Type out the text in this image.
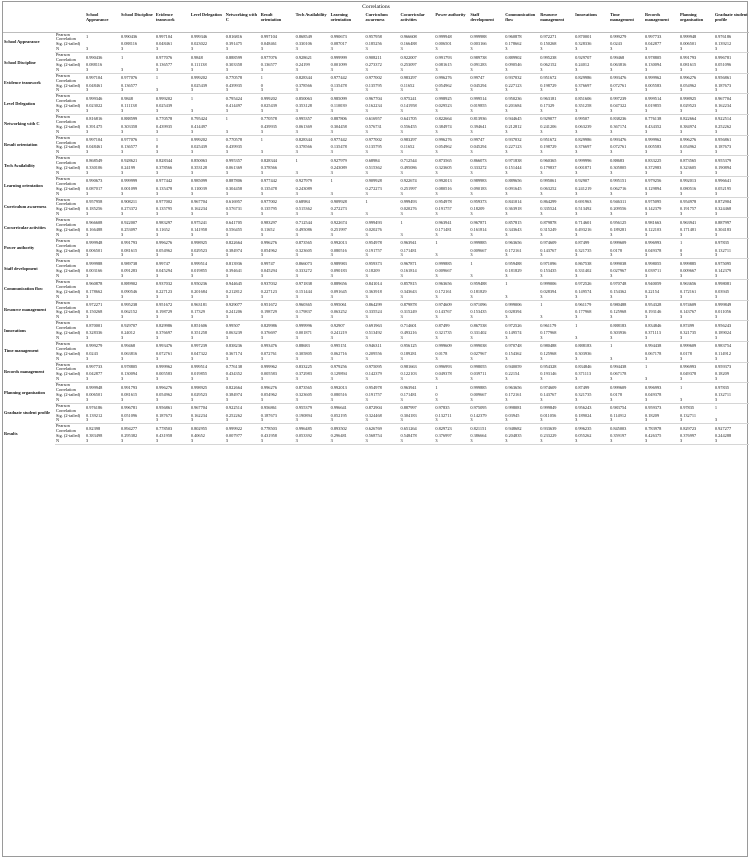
Correlations
		School Appearance	School Discipline	Evidence teamwork	Level Delegation	Networking with C	Result orientation	Tech Availability	Learning orientation	Curriculum awareness	Cocurricular activities	Power authority	Staff development	Communication flow	Resource management	Innovations	Time management	Records management	Planning organisation	Graduate student profile
School Appearance	Pearson Correlation	1	0.990436	0.997104	0.999346	0.816816	0.997104	0.868549	0.990673	0.957958	0.966608	0.999948	0.999988	0.960878	0.972271	0.870001	0.999279	0.997733	0.999948	0.976186
	Sig. (2-tailed)		0.088116	0.048461	0.023022	0.391475	0.048461	0.330106	0.087017	0.185256	0.166488	0.006501	0.003166	0.178662	0.150268	0.328336	0.0243	0.042877	0.006501	0.139212
	N	3	3	3	3	3	3	3	3	3	3	3	3	3	3	3	3	3	3	3
School Discipline	Pearson Correlation	0.990436	1	0.977076	0.9848	0.888599	0.977076	0.928621	0.999999	0.908211	0.922007	0.991793	0.989738	0.889902	0.995238	0.929707	0.99468	0.978805	0.991793	0.996781
	Sig. (2-tailed)	0.088116		0.136577	0.111138	0.303358	0.136577	0.24199	0.001099	0.273372	0.253097	0.081615	0.091283	0.090546	0.062152	0.24012	0.063816	0.130094	0.081615	0.051096
	N	3	3	3	3	3	3	3	3	3	3	3	3	3	3	3	3	3	3	3
Evidence teamwork	Pearson Correlation	0.997104	0.977076	1	0.999202	0.770578	1	0.828344	0.977442	0.977002	0.983297	0.996276	0.99747	0.937032	0.951672	0.829986	0.993476	0.999962	0.996276	0.956861
	Sig. (2-tailed)	0.048461	0.136577		0.025439	0.439935	0	0.378566	0.135478	0.135795	0.11652	0.054962	0.045294	0.227123	0.198729	0.376697	0.072761	0.005583	0.054962	0.187673
	N	3	3	3	3	3	3	3	3	3	3	3	3	3	3	3	3	3	3	3
Level Delegation	Pearson Correlation	0.999346	0.9848	0.999202	1	0.795424	0.999202	0.850063	0.985099	0.967704	0.975241	0.998925	0.999514	0.950236	0.963181	0.851606	0.997239	0.999514	0.998925	0.967704
	Sig. (2-tailed)	0.023022	0.111138	0.025439		0.414497	0.025439	0.353128	0.110039	0.162234	0.141958	0.029523	0.019855	0.201684	0.17329	0.351258	0.047322	0.019855	0.029523	0.162234
	N	3	3	3	3	3	3	3	3	3	3	3	3	3	3	3	3	3	3	3
Networking with C	Pearson Correlation	0.816816	0.888599	0.770578	0.795424	1	0.770578	0.995357	0.887806	0.616957	0.641705	0.822664	0.813936	0.944645	0.929077	0.99507	0.838236	0.776138	0.822664	0.922514
	Sig. (2-tailed)	0.391475	0.303358	0.439935	0.414497		0.439935	0.061369	0.304458	0.576731	0.556455	0.384974	0.394641	0.212812	0.241206	0.063239	0.367174	0.434352	0.384974	0.252262
	N	3	3	3	3	3	3	3	3	3	3	3	3	3	3	3	3	3	3	3
Result orientation	Pearson Correlation	0.997104	0.977076	1	0.999202	0.770578	1	0.828344	0.977442	0.977002	0.983297	0.996276	0.99747	0.937032	0.951672	0.829986	0.993476	0.999962	0.996276	0.956861
	Sig. (2-tailed)	0.048461	0.136577	0	0.025439	0.439935		0.378566	0.135478	0.135795	0.11652	0.054962	0.045294	0.227123	0.198729	0.376697	0.072761	0.005583	0.054962	0.187673
	N	3	3	3	3	3	3	3	3	3	3	3	3	3	3	3	3	3	3	3
Tech Availability	Pearson Correlation	0.868549	0.928621	0.828344	0.850063	0.995357	0.828344	1	0.927979	0.68984	0.712544	0.873565	0.866073	0.971838	0.960365	0.999996	0.88683	0.833225	0.873565	0.955379
	Sig. (2-tailed)	0.330106	0.24199	0.378566	0.353128	0.061369	0.378566		0.243089	0.515362	0.495086	0.323605	0.333272	0.151444	0.179837	0.001871	0.305805	0.372983	0.323605	0.190894
	N	3	3	3	3	3	3	3	3	3	3	3	3	3	3	3	3	3	3	3
Learning orientation	Pearson Correlation	0.990673	0.999999	0.977442	0.985099	0.887806	0.977442	0.927979	1	0.909928	0.922674	0.992013	0.989983	0.889656	0.995061	0.92907	0.995151	0.979256	0.992013	0.996641
	Sig. (2-tailed)	0.087017	0.001099	0.135478	0.110039	0.304458	0.135478	0.243089		0.272273	0.251997	0.080516	0.090183	0.091645	0.063252	0.241219	0.062716	0.129894	0.080516	0.052195
	N	3	3	3	3	3	3	3	3	3	3	3	3	3	3	3	3	3	3	3
Curriculum awareness	Pearson Correlation	0.957958	0.908211	0.977002	0.967704	0.616957	0.977002	0.68984	0.909928	1	0.999493	0.954978	0.959373	0.841014	0.864299	0.691963	0.946311	0.975095	0.954978	0.872904
	Sig. (2-tailed)	0.185256	0.273372	0.135795	0.162234	0.576731	0.135795	0.515362	0.272273		0.020276	0.191757	0.18209	0.363918	0.335524	0.513492	0.209556	0.142379	0.191757	0.324468
	N	3	3	3	3	3	3	3	3	3	3	3	3	3	3	3	3	3	3	3
Cocurricular activities	Pearson Correlation	0.966608	0.922007	0.983297	0.975241	0.641705	0.983297	0.712544	0.922674	0.999493	1	0.963941	0.967871	0.857815	0.879878	0.714601	0.956125	0.981663	0.963941	0.887997
	Sig. (2-tailed)	0.166488	0.253097	0.11652	0.141958	0.556455	0.11652	0.495086	0.251997	0.020276		0.171481	0.161814	0.343643	0.315249	0.493216	0.189281	0.122103	0.171481	0.304183
	N	3	3	3	3	3	3	3	3	3	3	3	3	3	3	3	3	3	3	3
Power authority	Pearson Correlation	0.999948	0.991793	0.996276	0.998925	0.822664	0.996276	0.873565	0.992013	0.954978	0.963941	1	0.999885	0.963656	0.974609	0.87499	0.999609	0.996993	1	0.97835
	Sig. (2-tailed)	0.006501	0.081615	0.054962	0.029523	0.384974	0.054962	0.323605	0.080516	0.191757	0.171481		0.009667	0.172161	0.143767	0.321735	0.0178	0.049378	0	0.132711
	N	3	3	3	3	3	3	3	3	3	3	3	3	3	3	3	3	3	3	3
Staff development	Pearson Correlation	0.999988	0.989738	0.99747	0.999514	0.813936	0.99747	0.866073	0.989983	0.959373	0.967871	0.999885	1	0.959488	0.971096	0.867538	0.999038	0.998055	0.999885	0.975095
	Sig. (2-tailed)	0.003166	0.091283	0.045294	0.019855	0.394641	0.045294	0.333272	0.090183	0.18209	0.161814	0.009667		0.181829	0.153435	0.331402	0.027967	0.039711	0.009667	0.142379
	N	3	3	3	3	3	3	3	3	3	3	3	3	3	3	3	3	3	3	3
Communication flow	Pearson Correlation	0.960878	0.889902	0.937032	0.950236	0.944645	0.937032	0.971838	0.889656	0.841014	0.857815	0.963656	0.959488	1	0.999006	0.972526	0.970748	0.940059	0.963656	0.998081
	Sig. (2-tailed)	0.178662	0.090546	0.227123	0.201684	0.212812	0.227123	0.151444	0.091645	0.363918	0.343643	0.172161	0.181829		0.028394	0.149574	0.154362	0.22154	0.172161	0.03945
	N	3	3	3	3	3	3	3	3	3	3	3	3	3	3	3	3	3	3	3
Resource management	Pearson Correlation	0.972271	0.995238	0.951672	0.963181	0.929077	0.951672	0.960365	0.995061	0.864299	0.879878	0.974609	0.971096	0.999006	1	0.961179	0.980488	0.954328	0.974609	0.999849
	Sig. (2-tailed)	0.150268	0.062152	0.198729	0.17329	0.241206	0.198729	0.179837	0.063252	0.335524	0.315249	0.143767	0.153435	0.028394		0.177968	0.125968	0.193146	0.143767	0.011056
	N	3	3	3	3	3	3	3	3	3	3	3	3	3	3	3	3	3	3	3
Innovations	Pearson Correlation	0.870001	0.929707	0.829986	0.851606	0.99507	0.829986	0.999996	0.92907	0.691963	0.714601	0.87499	0.867538	0.972526	0.961179	1	0.888183	0.834846	0.87499	0.956243
	Sig. (2-tailed)	0.328336	0.24012	0.376697	0.351258	0.063239	0.376697	0.001871	0.241219	0.513492	0.493216	0.321735	0.331402	0.149574	0.177968		0.303936	0.371113	0.321735	0.189024
	N	3	3	3	3	3	3	3	3	3	3	3	3	3	3	3	3	3	3	3
Time management	Pearson Correlation	0.999279	0.99468	0.993476	0.997239	0.838236	0.993476	0.88683	0.995151	0.946311	0.956125	0.999609	0.999038	0.970748	0.980488	0.888183	1	0.994438	0.999609	0.983754
	Sig. (2-tailed)	0.0243	0.063816	0.072761	0.047322	0.367174	0.072761	0.305805	0.062716	0.209556	0.189281	0.0178	0.027967	0.154362	0.125968	0.303936		0.067178	0.0178	0.114912
	N	3	3	3	3	3	3	3	3	3	3	3	3	3	3	3	3	3	3	3
Records management	Pearson Correlation	0.997733	0.978805	0.999962	0.999514	0.776138	0.999962	0.833225	0.979256	0.975095	0.981663	0.996993	0.998055	0.940059	0.954328	0.834846	0.994438	1	0.996993	0.959373
	Sig. (2-tailed)	0.042877	0.130094	0.005583	0.019855	0.434352	0.005583	0.372983	0.129894	0.142379	0.122103	0.049378	0.039711	0.22154	0.193146	0.371113	0.067178		0.049378	0.18209
	N	3	3	3	3	3	3	3	3	3	3	3	3	3	3	3	3	3	3	3
Planning organisation	Pearson Correlation	0.999948	0.991793	0.996276	0.998925	0.822664	0.996276	0.873565	0.992013	0.954978	0.963941	1	0.999885	0.963656	0.974609	0.87499	0.999609	0.996993	1	0.97835
	Sig. (2-tailed)	0.006501	0.081615	0.054962	0.029523	0.384974	0.054962	0.323605	0.080516	0.191757	0.171481	0	0.009667	0.172161	0.143767	0.321735	0.0178	0.049378		0.132711
	N	3	3	3	3	3	3	3	3	3	3	3	3	3	3	3	3	3	3	3
Graduate student profile	Pearson Correlation	0.976186	0.996781	0.956861	0.967704	0.922514	0.956861	0.955379	0.996641	0.872904	0.887997	0.97835	0.975095	0.998081	0.999849	0.956243	0.983754	0.959373	0.97835	1
	Sig. (2-tailed)	0.139212	0.051096	0.187673	0.162234	0.252262	0.187673	0.190894	0.052195	0.324468	0.304183	0.132711	0.142379	0.03945	0.011056	0.189024	0.114912	0.18209	0.132711	
	N	3	3	3	3	3	3	3	3	3	3	3	3	3	3	3	3	3	3	3
Results	Pearson Correlation	0.82398	0.894277	0.778503	0.802955	0.999922	0.778503	0.996485	0.893502	0.626769	0.651264	0.829723	0.821151	0.948682	0.933639	0.996235	0.845003	0.783978	0.829723	0.927277
	Sig. (2-tailed)	0.383498	0.295382	0.431958	0.40652	0.007977	0.431958	0.053392	0.296481	0.568754	0.548478	0.376997	0.386664	0.204835	0.233229	0.055262	0.359197	0.426375	0.376997	0.244288
	N	3	3	3	3	3	3	3	3	3	3	3	3	3	3	3	3	3	3	3
